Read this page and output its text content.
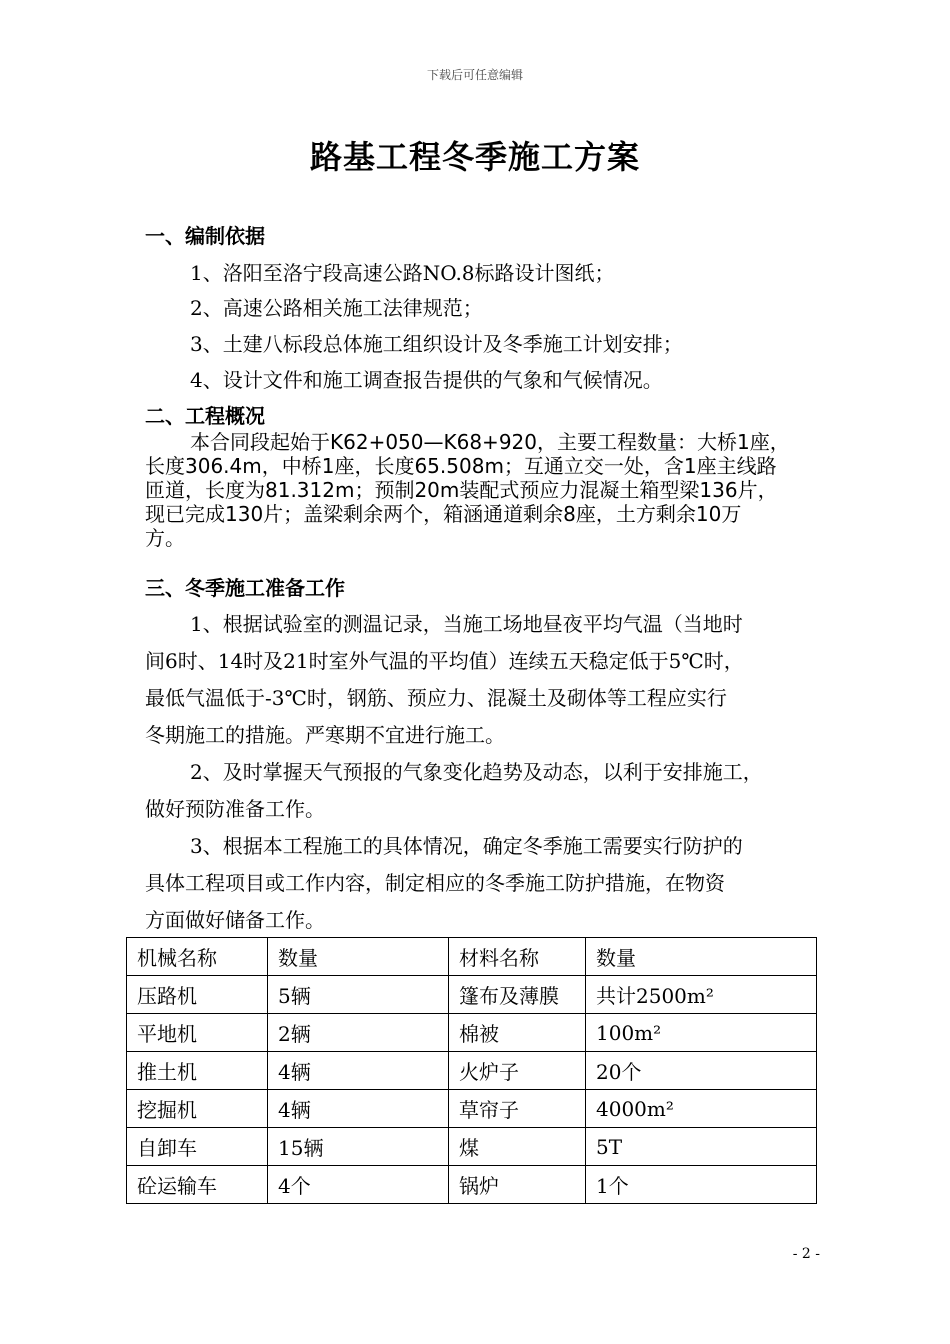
下载后可任意编辑
路基工程冬季施工方案
一、编制依据
1、洛阳至洛宁段高速公路NO.8标路设计图纸；
2、高速公路相关施工法律规范；
3、土建八标段总体施工组织设计及冬季施工计划安排；
4、设计文件和施工调查报告提供的气象和气候情况。
二、工程概况
本合同段起始于K62+050—K68+920，主要工程数量：大桥1座，
长度306.4m，中桥1座，长度65.508m；互通立交一处，含1座主线路
匝道，长度为81.312m；预制20m装配式预应力混凝土箱型梁136片，
现已完成130片；盖梁剩余两个，箱涵通道剩余8座，土方剩余10万
方。
三、冬季施工准备工作
1、根据试验室的测温记录，当施工场地昼夜平均气温（当地时
间6时、14时及21时室外气温的平均值）连续五天稳定低于5℃时，
最低气温低于-3℃时，钢筋、预应力、混凝土及砌体等工程应实行
冬期施工的措施。严寒期不宜进行施工。
2、及时掌握天气预报的气象变化趋势及动态，以利于安排施工，
做好预防准备工作。
3、根据本工程施工的具体情况，确定冬季施工需要实行防护的
具体工程项目或工作内容，制定相应的冬季施工防护措施，在物资
方面做好储备工作。
机械名称	数量	材料名称	数量
压路机	5辆	篷布及薄膜	共计2500m²
平地机	2辆	棉被	100m²
推土机	4辆	火炉子	20个
挖掘机	4辆	草帘子	4000m²
自卸车	15辆	煤	5T
砼运输车	4个	锅炉	1个
- 2 -
